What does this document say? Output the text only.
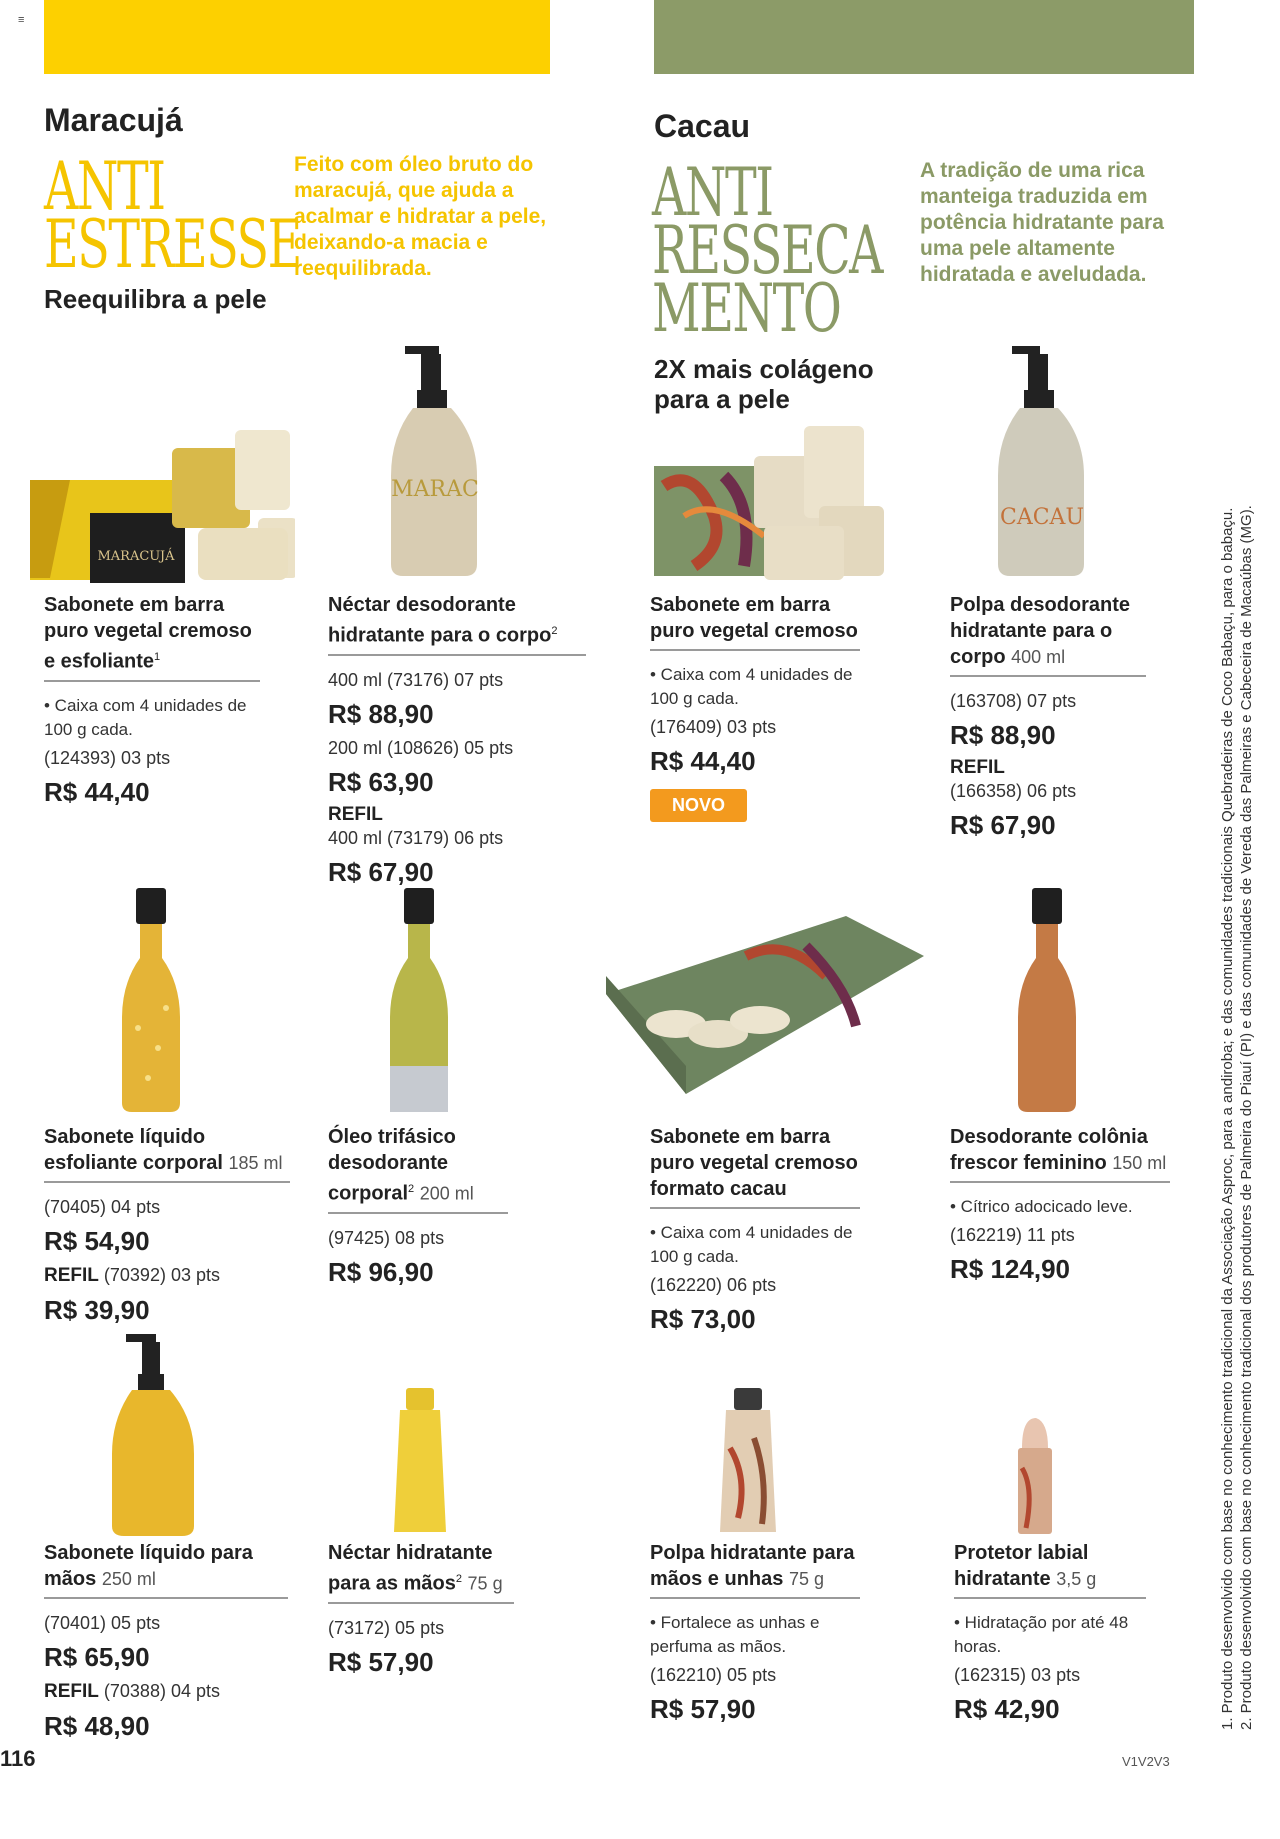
≡
Maracujá
ANTI
ESTRESSE
Reequilibra a pele
Feito com óleo bruto do maracujá, que ajuda a acalmar e hidratar a pele, deixando-a macia e reequilibrada.
Cacau
ANTI
RESSECA
MENTO
2X mais colágeno para a pele
A tradição de uma rica manteiga traduzida em potência hidratante para uma pele altamente hidratada e aveludada.
MARACUJÁ
MARAC
CACAU
Sabonete em barra puro vegetal cremoso e esfoliante$^1$
• Caixa com 4 unidades de 100 g cada.
(124393) 03 pts
R$ 44,40
Néctar desodorante hidratante para o corpo$^2$
400 ml (73176) 07 pts
R$ 88,90
200 ml (108626) 05 pts
R$ 63,90
REFIL
400 ml (73179) 06 pts
R$ 67,90
Sabonete em barra puro vegetal cremoso
• Caixa com 4 unidades de 100 g cada.
(176409) 03 pts
R$ 44,40
NOVO
Polpa desodorante hidratante para o corpo 400 ml
(163708) 07 pts
R$ 88,90
REFIL
(166358) 06 pts
R$ 67,90
Sabonete líquido esfoliante corporal 185 ml
(70405) 04 pts
R$ 54,90
REFIL (70392) 03 pts
R$ 39,90
Óleo trifásico desodorante corporal$^2$ 200 ml
(97425) 08 pts
R$ 96,90
Sabonete em barra puro vegetal cremoso formato cacau
• Caixa com 4 unidades de 100 g cada.
(162220) 06 pts
R$ 73,00
Desodorante colônia frescor feminino 150 ml
• Cítrico adocicado leve.
(162219) 11 pts
R$ 124,90
Sabonete líquido para mãos 250 ml
(70401) 05 pts
R$ 65,90
REFIL (70388) 04 pts
R$ 48,90
Néctar hidratante para as mãos$^2$ 75 g
(73172) 05 pts
R$ 57,90
Polpa hidratante para mãos e unhas 75 g
• Fortalece as unhas e perfuma as mãos.
(162210) 05 pts
R$ 57,90
Protetor labial hidratante 3,5 g
• Hidratação por até 48 horas.
(162315) 03 pts
R$ 42,90	1. Produto desenvolvido com base no conhecimento tradicional da Associação Asproc, para a andiroba; e das comunidades tradicionais Quebradeiras de Coco Babaçu, para o babaçu. 2. Produto desenvolvido com base no conhecimento tradicional dos produtores de Palmeira do Piauí (PI) e das comunidades de Vereda das Palmeiras e Cabeceira de Macaúbas (MG).
116	V1V2V3
